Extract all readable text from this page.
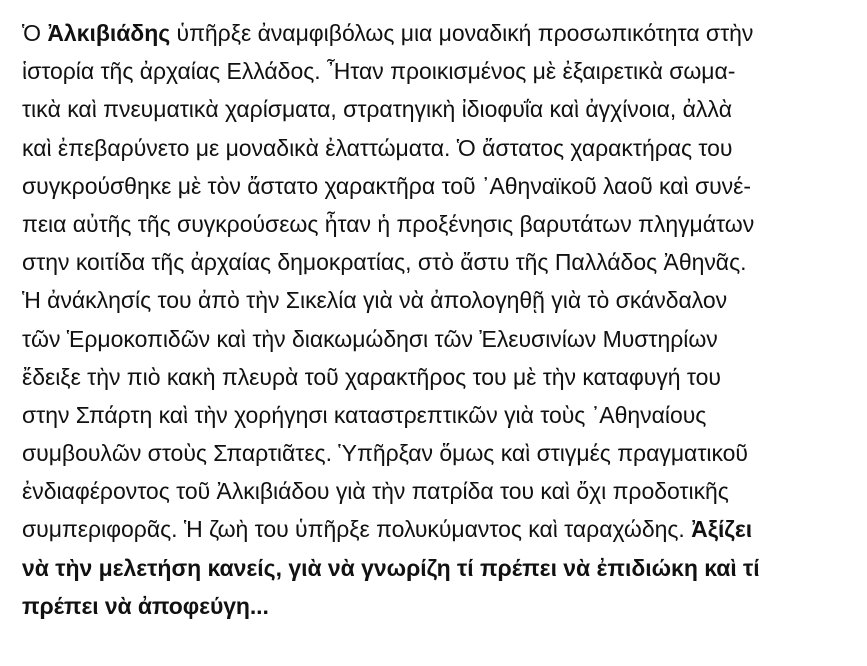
Ὁ Ἀλκιβιάδης ὑπῆρξε ἀναμφιβόλως μια μοναδική προσωπικότητα στὴν
ἱστορία τῆς ἀρχαίας Ελλάδος. Ἦταν προικισμένος μὲ ἐξαιρετικὰ σωμα-
τικὰ καὶ πνευματικὰ χαρίσματα, στρατηγικὴ ἰδιοφυΐα καὶ ἀγχίνοια, ἀλλὰ
καὶ ἐπεβαρύνετο με μοναδικὰ ἐλαττώματα. Ὁ ἄστατος χαρακτήρας του
συγκρούσθηκε μὲ τὸν ἄστατο χαρακτῆρα τοῦ ᾿Αθηναϊκοῦ λαοῦ καὶ συνέ-
πεια αὐτῆς τῆς συγκρούσεως ἦταν ἡ προξένησις βαρυτάτων πληγμάτων
στην κοιτίδα τῆς ἀρχαίας δημοκρατίας, στὸ ἄστυ τῆς Παλλάδος Ἀθηνᾶς.
Ἡ ἀνάκλησίς του ἀπὸ τὴν Σικελία γιὰ νὰ ἀπολογηθῇ γιὰ τὸ σκάνδαλον
τῶν Ἑρμοκοπιδῶν καὶ τὴν διακωμώδησι τῶν Ἐλευσινίων Μυστηρίων
ἔδειξε τὴν πιὸ κακὴ πλευρὰ τοῦ χαρακτῆρος του μὲ τὴν καταφυγή του
στην Σπάρτη καὶ τὴν χορήγησι καταστρεπτικῶν γιὰ τοὺς ᾿Αθηναίους
συμβουλῶν στοὺς Σπαρτιᾶτες. Ὑπῆρξαν ὅμως καὶ στιγμές πραγματικοῦ
ἐνδιαφέροντος τοῦ Ἀλκιβιάδου γιὰ τὴν πατρίδα του καὶ ὄχι προδοτικῆς
συμπεριφορᾶς. Ἡ ζωὴ του ὑπῆρξε πολυκύμαντος καὶ ταραχώδης. Ἀξίζει
νὰ τὴν μελετήση κανείς, γιὰ νὰ γνωρίζη τί πρέπει νὰ ἐπιδιώκη καὶ τί
πρέπει νὰ ἀποφεύγη...
